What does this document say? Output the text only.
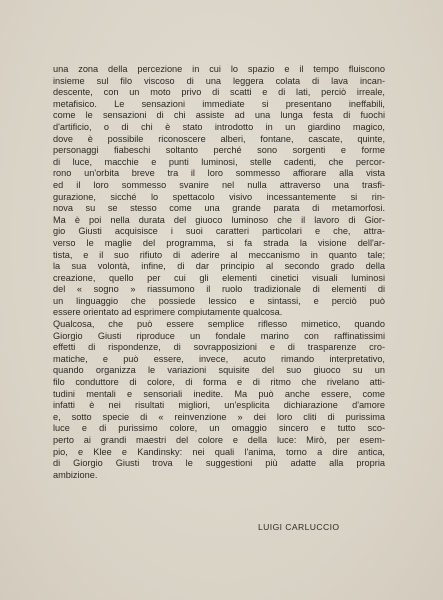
una zona della percezione in cui lo spazio e il tempo fluiscono
insieme sul filo viscoso di una leggera colata di lava incan-
descente, con un moto privo di scatti e di lati, perciò irreale,
metafisico. Le sensazioni immediate si presentano ineffabili,
come le sensazioni di chi assiste ad una lunga festa di fuochi
d'artificio, o di chi è stato introdotto in un giardino magico,
dove è possibile riconoscere alberi, fontane, cascate, quinte,
personaggi fiabeschi soltanto perché sono sorgenti e forme
di luce, macchie e punti luminosi, stelle cadenti, che percor-
rono un'orbita breve tra il loro sommesso affiorare alla vista
ed il loro sommesso svanire nel nulla attraverso una trasfi-
gurazione, sicché lo spettacolo visivo incessantemente si rin-
nova su se stesso come una grande parata di metamorfosi.
Ma è poi nella durata del giuoco luminoso che il lavoro di Gior-
gio Giusti acquisisce i suoi caratteri particolari e che, attra-
verso le maglie del programma, si fa strada la visione dell'ar-
tista, e il suo rifiuto di aderire al meccanismo in quanto tale;
la sua volontà, infine, di dar principio al secondo grado della
creazione, quello per cui gli elementi cinetici visuali luminosi
del « sogno » riassumono il ruolo tradizionale di elementi di
un linguaggio che possiede lessico e sintassi, e perciò può
essere orientato ad esprimere compiutamente qualcosa.
Qualcosa, che può essere semplice riflesso mimetico, quando
Giorgio Giusti riproduce un fondale marino con raffinatissimi
effetti di rispondenze, di sovrapposizioni e di trasparenze cro-
matiche, e può essere, invece, acuto rimando interpretativo,
quando organizza le variazioni squisite del suo giuoco su un
filo conduttore di colore, di forma e di ritmo che rivelano atti-
tudini mentali e sensoriali inedite. Ma può anche essere, come
infatti è nei risultati migliori, un'esplicita dichiarazione d'amore
e, sotto specie di « reinvenzione » dei loro cliti di purissima
luce e di purissimo colore, un omaggio sincero e tutto sco-
perto ai grandi maestri del colore e della luce: Mirò, per esem-
pio, e Klee e Kandinsky: nei quali l'anima, torno a dire antica,
di Giorgio Giusti trova le suggestioni più adatte alla propria
ambizione.
LUIGI CARLUCCIO
